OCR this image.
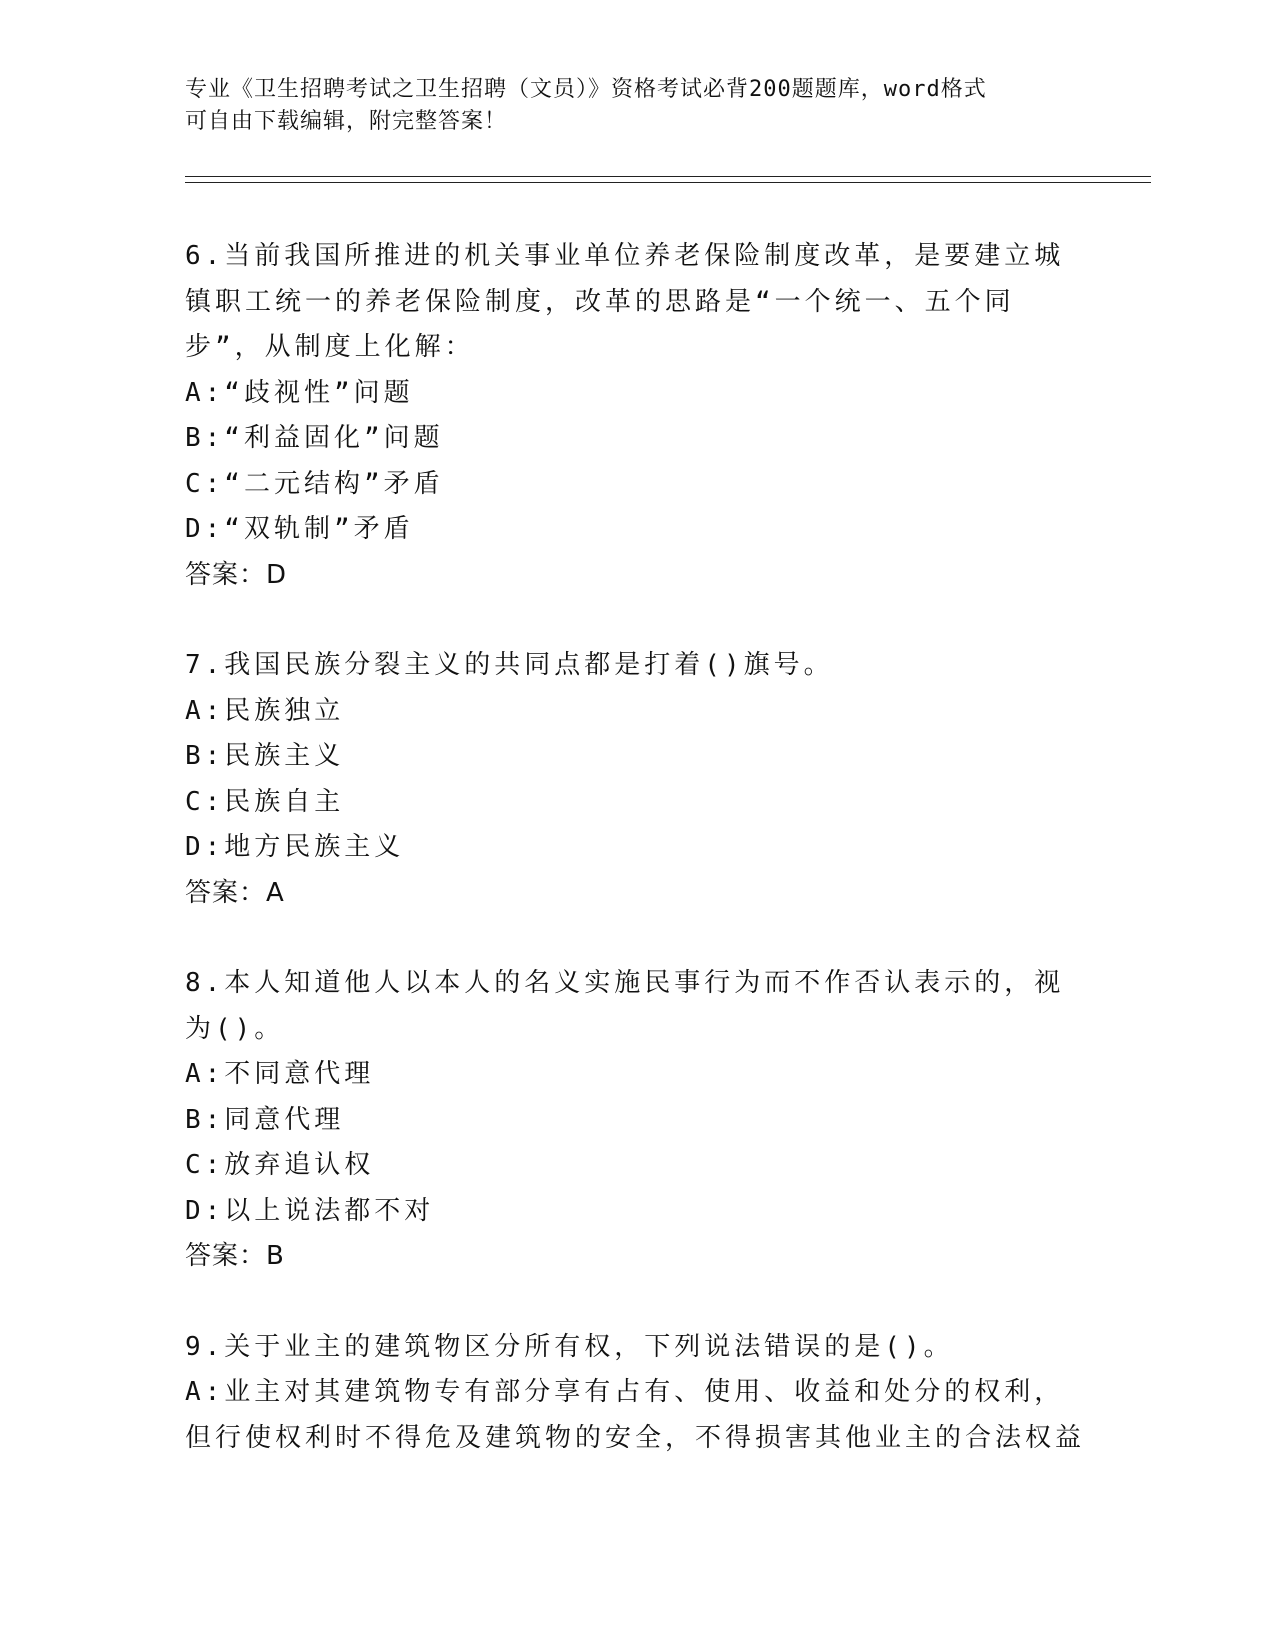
专业《卫生招聘考试之卫生招聘（文员）》资格考试必背200题题库，word格式
可自由下载编辑，附完整答案！
6.当前我国所推进的机关事业单位养老保险制度改革，是要建立城镇职工统一的养老保险制度，改革的思路是“一个统一、五个同步”，从制度上化解：
A:“歧视性”问题
B:“利益固化”问题
C:“二元结构”矛盾
D:“双轨制”矛盾
答案：D
7.我国民族分裂主义的共同点都是打着()旗号。
A:民族独立
B:民族主义
C:民族自主
D:地方民族主义
答案：A
8.本人知道他人以本人的名义实施民事行为而不作否认表示的，视为()。
A:不同意代理
B:同意代理
C:放弃追认权
D:以上说法都不对
答案：B
9.关于业主的建筑物区分所有权，下列说法错误的是()。
A:业主对其建筑物专有部分享有占有、使用、收益和处分的权利，但行使权利时不得危及建筑物的安全，不得损害其他业主的合法权益
